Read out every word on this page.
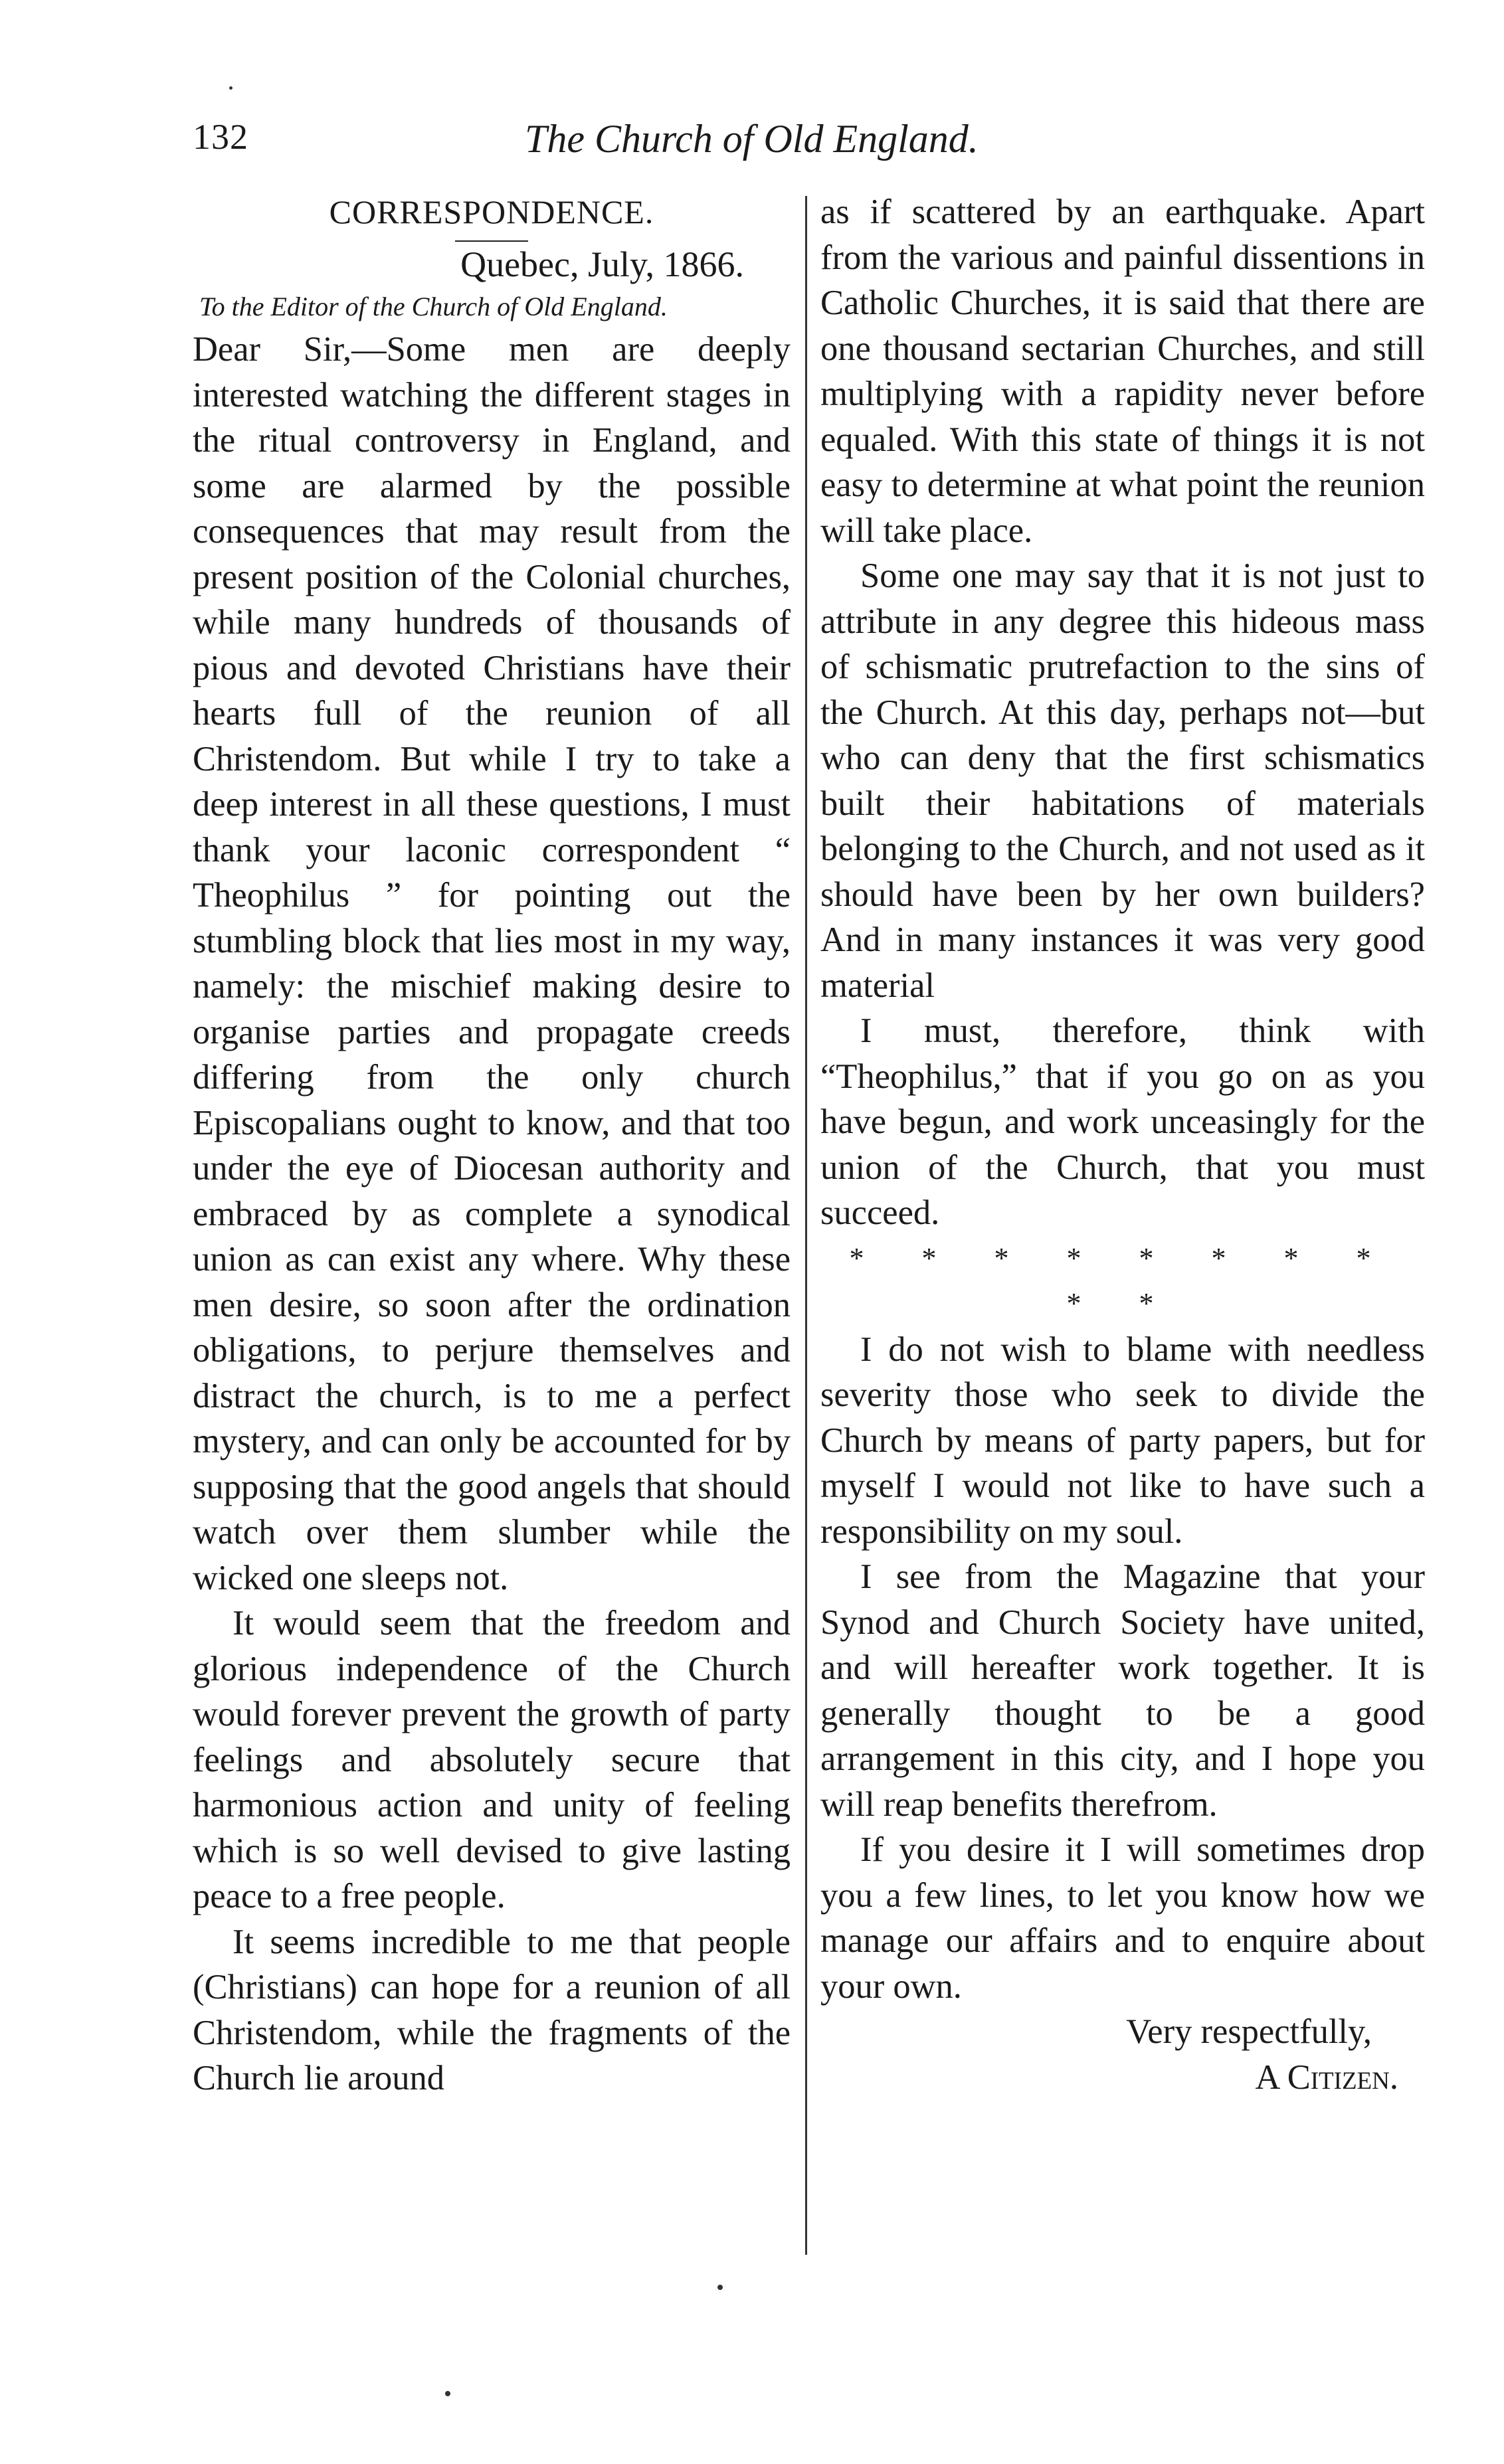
132	The Church of Old England.

CORRESPONDENCE.

Quebec, July, 1866.

To the Editor of the Church of Old England.

Dear Sir,—Some men are deeply interested watching the different stages in the ritual controversy in England, and some are alarmed by the possible consequences that may result from the present position of the Colonial churches, while many hundreds of thousands of pious and devoted Christians have their hearts full of the reunion of all Christendom. But while I try to take a deep interest in all these questions, I must thank your laconic correspondent “ Theophilus ” for pointing out the stumbling block that lies most in my way, namely: the mischief making desire to organise parties and propagate creeds differing from the only church Episcopalians ought to know, and that too under the eye of Diocesan authority and embraced by as complete a synodical union as can exist any where. Why these men desire, so soon after the ordination obligations, to perjure themselves and distract the church, is to me a perfect mystery, and can only be accounted for by supposing that the good angels that should watch over them slumber while the wicked one sleeps not.

It would seem that the freedom and glorious independence of the Church would forever prevent the growth of party feelings and absolutely secure that harmonious action and unity of feeling which is so well devised to give lasting peace to a free people.

It seems incredible to me that people (Christians) can hope for a reunion of all Christendom, while the fragments of the Church lie around

as if scattered by an earthquake. Apart from the various and painful dissentions in Catholic Churches, it is said that there are one thousand sectarian Churches, and still multiplying with a rapidity never before equaled. With this state of things it is not easy to determine at what point the reunion will take place.

Some one may say that it is not just to attribute in any degree this hideous mass of schismatic prutrefaction to the sins of the Church. At this day, perhaps not—but who can deny that the first schismatics built their habitations of materials belonging to the Church, and not used as it should have been by her own builders? And in many instances it was very good material

I must, therefore, think with “Theophilus,” that if you go on as you have begun, and work unceasingly for the union of the Church, that you must succeed.

* * * * * * * * * *

I do not wish to blame with needless severity those who seek to divide the Church by means of party papers, but for myself I would not like to have such a responsibility on my soul.

I see from the Magazine that your Synod and Church Society have united, and will hereafter work together. It is generally thought to be a good arrangement in this city, and I hope you will reap benefits therefrom.

If you desire it I will sometimes drop you a few lines, to let you know how we manage our affairs and to enquire about your own.

Very respectfully,

A Citizen.
